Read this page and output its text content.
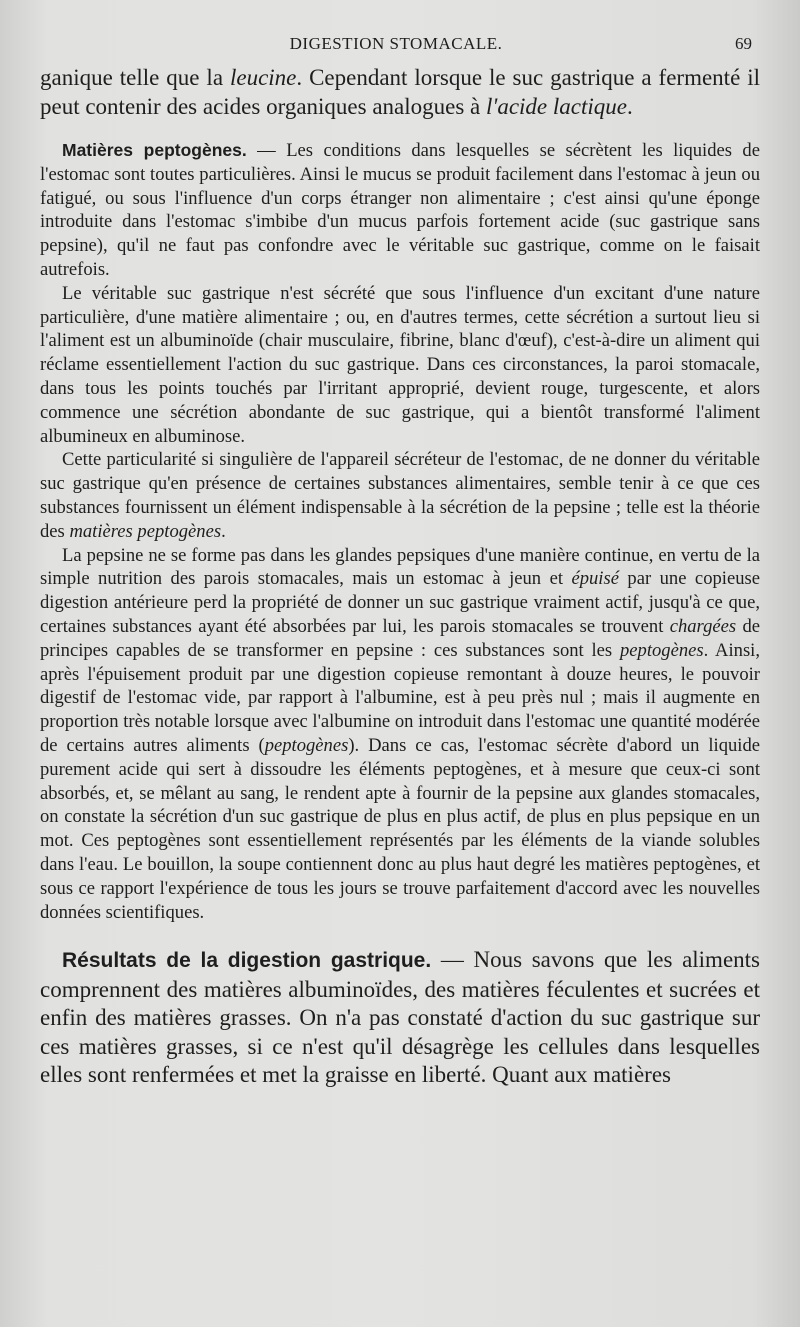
DIGESTION STOMACALE.	69

ganique telle que la leucine. Cependant lorsque le suc gastrique a fermenté il peut contenir des acides organiques analogues à l'acide lactique.

Matières peptogènes. — Les conditions dans lesquelles se sécrètent les liquides de l'estomac sont toutes particulières. Ainsi le mucus se produit facilement dans l'estomac à jeun ou fatigué, ou sous l'influence d'un corps étranger non alimentaire ; c'est ainsi qu'une éponge introduite dans l'estomac s'imbibe d'un mucus parfois fortement acide (suc gastrique sans pepsine), qu'il ne faut pas confondre avec le véritable suc gastrique, comme on le faisait autrefois.

Le véritable suc gastrique n'est sécrété que sous l'influence d'un excitant d'une nature particulière, d'une matière alimentaire ; ou, en d'autres termes, cette sécrétion a surtout lieu si l'aliment est un albuminoïde (chair musculaire, fibrine, blanc d'œuf), c'est-à-dire un aliment qui réclame essentiellement l'action du suc gastrique. Dans ces circonstances, la paroi stomacale, dans tous les points touchés par l'irritant approprié, devient rouge, turgescente, et alors commence une sécrétion abondante de suc gastrique, qui a bientôt transformé l'aliment albumineux en albuminose.

Cette particularité si singulière de l'appareil sécréteur de l'estomac, de ne donner du véritable suc gastrique qu'en présence de certaines substances alimentaires, semble tenir à ce que ces substances fournissent un élément indispensable à la sécrétion de la pepsine ; telle est la théorie des matières peptogènes.

La pepsine ne se forme pas dans les glandes pepsiques d'une manière continue, en vertu de la simple nutrition des parois stomacales, mais un estomac à jeun et épuisé par une copieuse digestion antérieure perd la propriété de donner un suc gastrique vraiment actif, jusqu'à ce que, certaines substances ayant été absorbées par lui, les parois stomacales se trouvent chargées de principes capables de se transformer en pepsine : ces substances sont les peptogènes. Ainsi, après l'épuisement produit par une digestion copieuse remontant à douze heures, le pouvoir digestif de l'estomac vide, par rapport à l'albumine, est à peu près nul ; mais il augmente en proportion très notable lorsque avec l'albumine on introduit dans l'estomac une quantité modérée de certains autres aliments (peptogènes). Dans ce cas, l'estomac sécrète d'abord un liquide purement acide qui sert à dissoudre les éléments peptogènes, et à mesure que ceux-ci sont absorbés, et, se mêlant au sang, le rendent apte à fournir de la pepsine aux glandes stomacales, on constate la sécrétion d'un suc gastrique de plus en plus actif, de plus en plus pepsique en un mot. Ces peptogènes sont essentiellement représentés par les éléments de la viande solubles dans l'eau. Le bouillon, la soupe contiennent donc au plus haut degré les matières peptogènes, et sous ce rapport l'expérience de tous les jours se trouve parfaitement d'accord avec les nouvelles données scientifiques.

Résultats de la digestion gastrique. — Nous savons que les aliments comprennent des matières albuminoïdes, des matières féculentes et sucrées et enfin des matières grasses. On n'a pas constaté d'action du suc gastrique sur ces matières grasses, si ce n'est qu'il désagrège les cellules dans lesquelles elles sont renfermées et met la graisse en liberté. Quant aux matières
